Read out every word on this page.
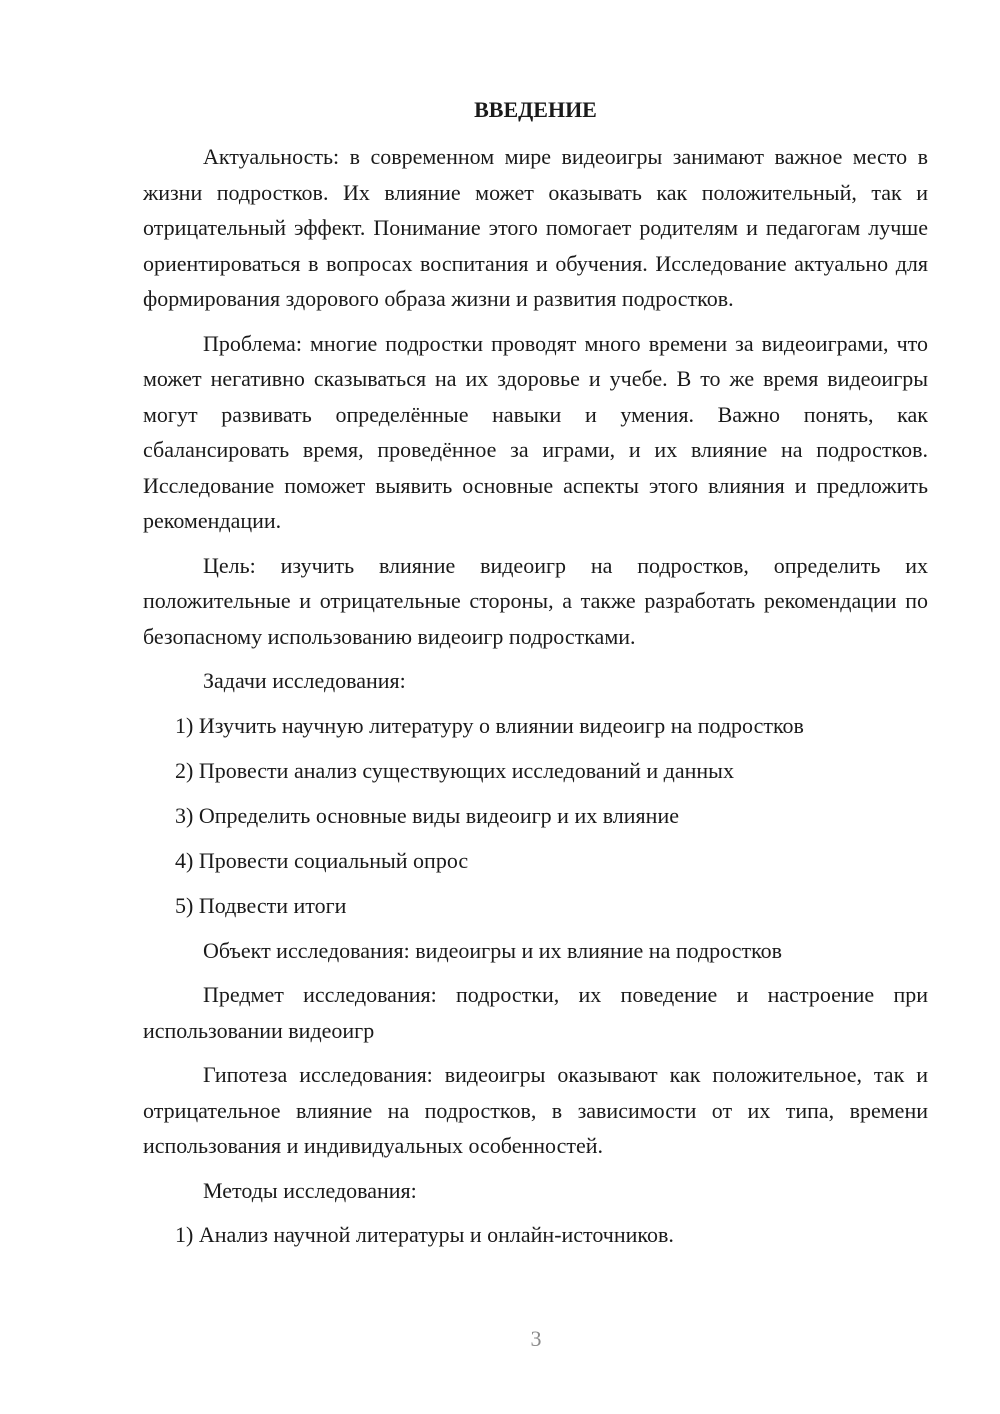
ВВЕДЕНИЕ

Актуальность: в современном мире видеоигры занимают важное место в жизни подростков. Их влияние может оказывать как положительный, так и отрицательный эффект. Понимание этого помогает родителям и педагогам лучше ориентироваться в вопросах воспитания и обучения. Исследование актуально для формирования здорового образа жизни и развития подростков.

Проблема: многие подростки проводят много времени за видеоиграми, что может негативно сказываться на их здоровье и учебе. В то же время видеоигры могут развивать определённые навыки и умения. Важно понять, как сбалансировать время, проведённое за играми, и их влияние на подростков. Исследование поможет выявить основные аспекты этого влияния и предложить рекомендации.

Цель: изучить влияние видеоигр на подростков, определить их положительные и отрицательные стороны, а также разработать рекомендации по безопасному использованию видеоигр подростками.

Задачи исследования:

1) Изучить научную литературу о влиянии видеоигр на подростков
2) Провести анализ существующих исследований и данных
3) Определить основные виды видеоигр и их влияние
4) Провести социальный опрос
5) Подвести итоги

Объект исследования: видеоигры и их влияние на подростков

Предмет исследования: подростки, их поведение и настроение при использовании видеоигр

Гипотеза исследования: видеоигры оказывают как положительное, так и отрицательное влияние на подростков, в зависимости от их типа, времени использования и индивидуальных особенностей.

Методы исследования:

1) Анализ научной литературы и онлайн-источников.
3
